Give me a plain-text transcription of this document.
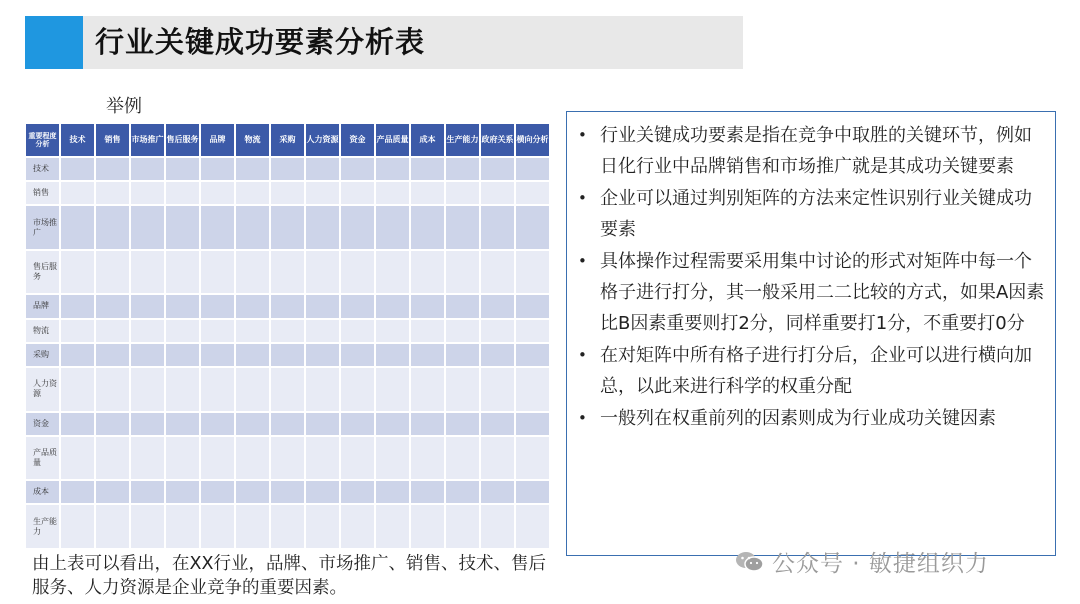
行业关键成功要素分析表
举例
重要程度分析	技术	销售	市场推广	售后服务	品牌	物流	采购	人力资源	资金	产品质量	成本	生产能力	政府关系	横向分析
技术														
销售														
市场推广														
售后服务														
品牌														
物流														
采购														
人力资源														
资金														
产品质量														
成本														
生产能力														
由上表可以看出，在XX行业，品牌、市场推广、销售、技术、售后服务、人力资源是企业竞争的重要因素。
• 行业关键成功要素是指在竞争中取胜的关键环节，例如日化行业中品牌销售和市场推广就是其成功关键要素
• 企业可以通过判别矩阵的方法来定性识别行业关键成功要素
• 具体操作过程需要采用集中讨论的形式对矩阵中每一个格子进行打分，其一般采用二二比较的方式，如果A因素比B因素重要则打2分，同样重要打1分，不重要打0分
• 在对矩阵中所有格子进行打分后，企业可以进行横向加总，以此来进行科学的权重分配
• 一般列在权重前列的因素则成为行业成功关键因素
公众号 · 敏捷组织力
